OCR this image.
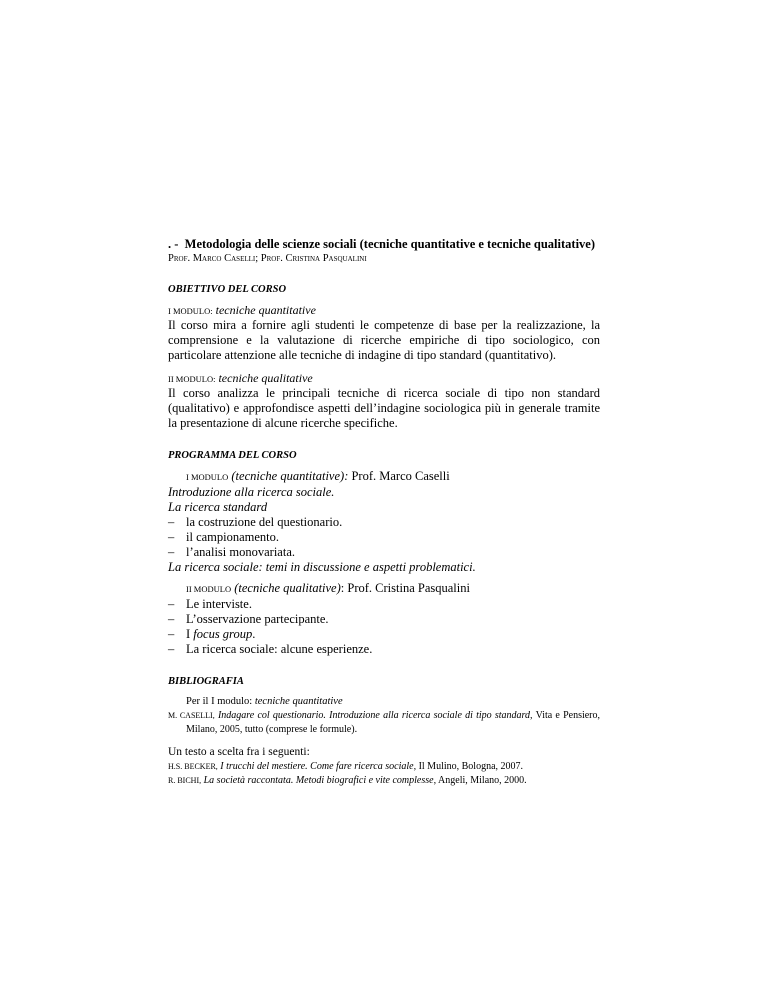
. - Metodologia delle scienze sociali (tecniche quantitative e tecniche qualitative)

Prof. Marco Caselli; Prof. Cristina Pasqualini

OBIETTIVO DEL CORSO

I MODULO: tecniche quantitative

Il corso mira a fornire agli studenti le competenze di base per la realizzazione, la comprensione e la valutazione di ricerche empiriche di tipo sociologico, con particolare attenzione alle tecniche di indagine di tipo standard (quantitativo).

II MODULO: tecniche qualitative

Il corso analizza le principali tecniche di ricerca sociale di tipo non standard (qualitativo) e approfondisce aspetti dell’indagine sociologica più in generale tramite la presentazione di alcune ricerche specifiche.

PROGRAMMA DEL CORSO

I MODULO (tecniche quantitative): Prof. Marco Caselli

Introduzione alla ricerca sociale.

La ricerca standard

– la costruzione del questionario.
– il campionamento.
– l’analisi monovariata.

La ricerca sociale: temi in discussione e aspetti problematici.

II MODULO (tecniche qualitative): Prof. Cristina Pasqualini

– Le interviste.
– L’osservazione partecipante.
– I focus group.
– La ricerca sociale: alcune esperienze.
BIBLIOGRAFIA

Per il I modulo: tecniche quantitative

M. CASELLI, Indagare col questionario. Introduzione alla ricerca sociale di tipo standard, Vita e Pensiero, Milano, 2005, tutto (comprese le formule).

Un testo a scelta fra i seguenti:

H.S. BECKER, I trucchi del mestiere. Come fare ricerca sociale, Il Mulino, Bologna, 2007.

R. BICHI, La società raccontata. Metodi biografici e vite complesse, Angeli, Milano, 2000.
